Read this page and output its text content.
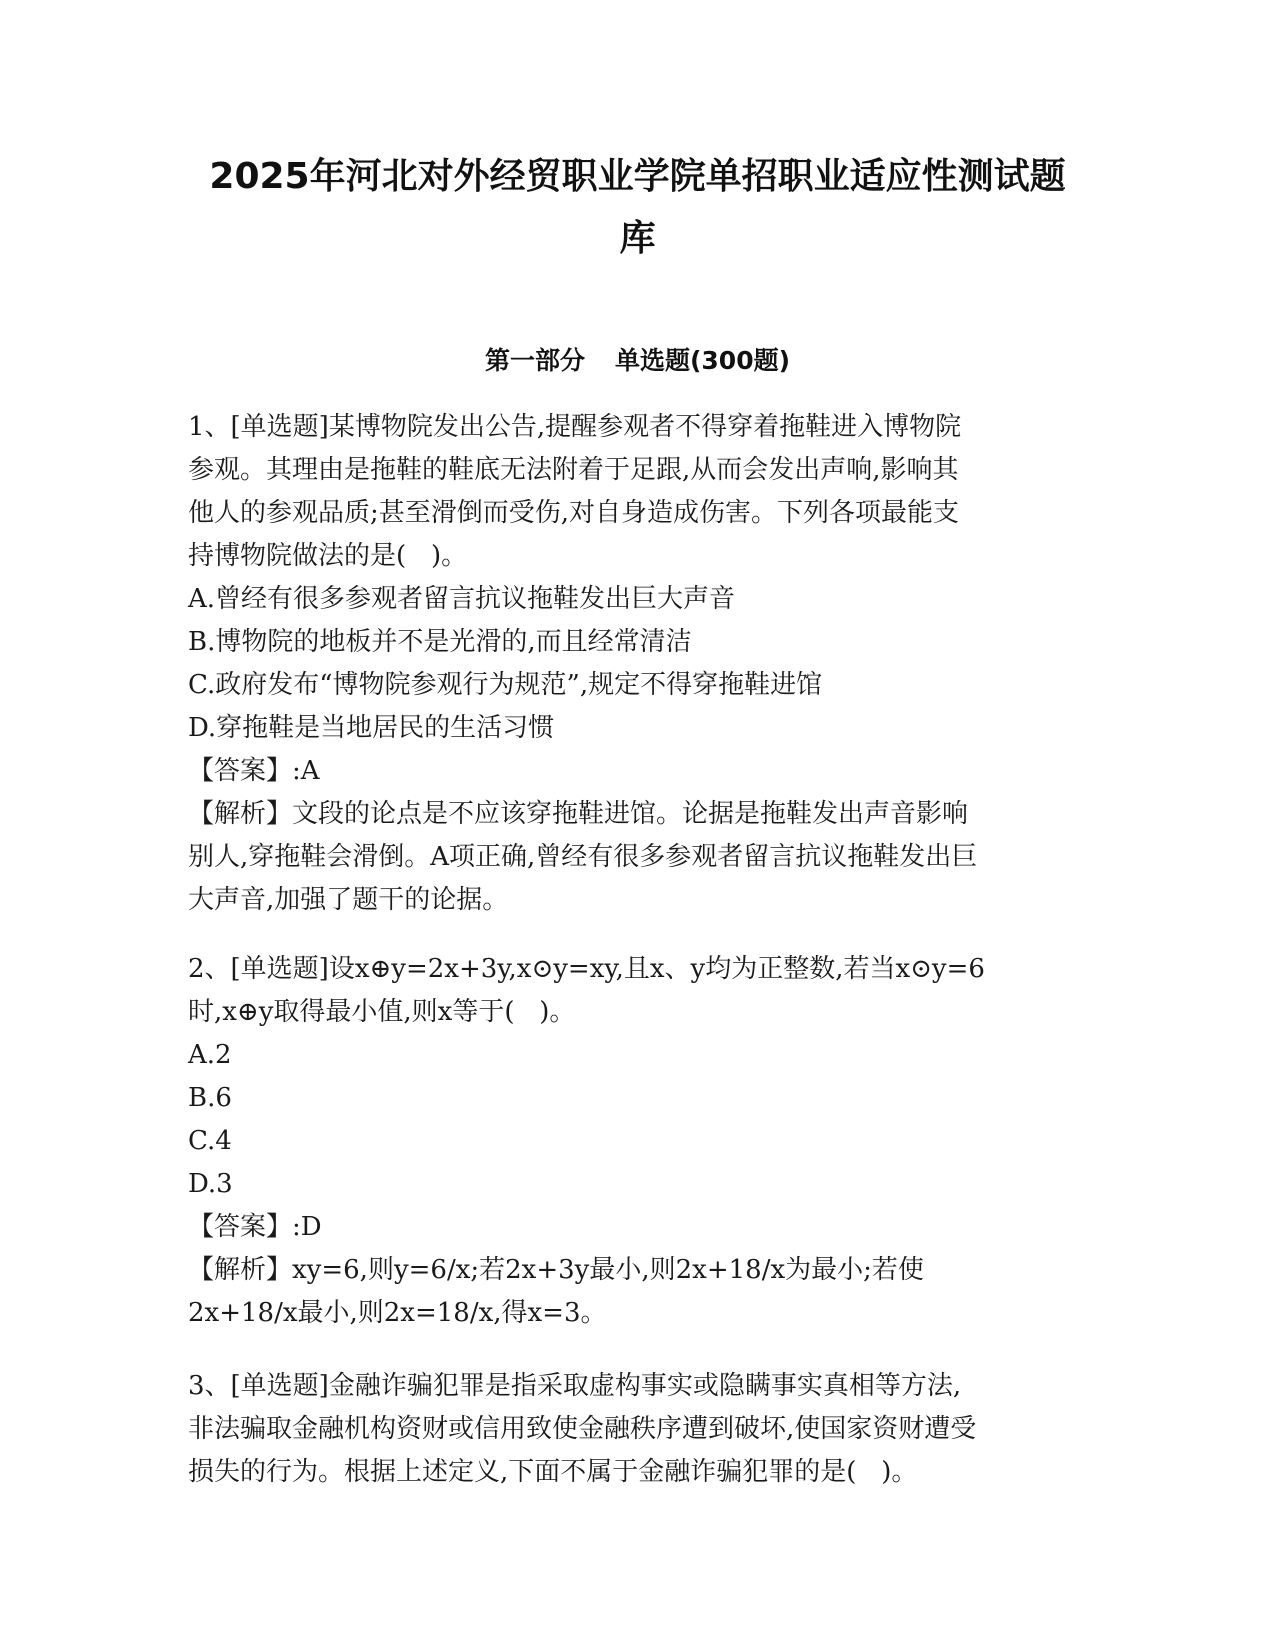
2025年河北对外经贸职业学院单招职业适应性测试题
库
第一部分 单选题(300题)

1、[单选题]某博物院发出公告,提醒参观者不得穿着拖鞋进入博物院

参观。其理由是拖鞋的鞋底无法附着于足跟,从而会发出声响,影响其

他人的参观品质;甚至滑倒而受伤,对自身造成伤害。下列各项最能支

持博物院做法的是(   )。

A.曾经有很多参观者留言抗议拖鞋发出巨大声音

B.博物院的地板并不是光滑的,而且经常清洁

C.政府发布“博物院参观行为规范”,规定不得穿拖鞋进馆

D.穿拖鞋是当地居民的生活习惯

【答案】:A

【解析】文段的论点是不应该穿拖鞋进馆。论据是拖鞋发出声音影响

别人,穿拖鞋会滑倒。A项正确,曾经有很多参观者留言抗议拖鞋发出巨

大声音,加强了题干的论据。

2、[单选题]设x⊕y=2x+3y,x⊙y=xy,且x、y均为正整数,若当x⊙y=6

时,x⊕y取得最小值,则x等于(   )。

A.2

B.6

C.4

D.3

【答案】:D

【解析】xy=6,则y=6/x;若2x+3y最小,则2x+18/x为最小;若使

2x+18/x最小,则2x=18/x,得x=3。

3、[单选题]金融诈骗犯罪是指采取虚构事实或隐瞒事实真相等方法,

非法骗取金融机构资财或信用致使金融秩序遭到破坏,使国家资财遭受

损失的行为。根据上述定义,下面不属于金融诈骗犯罪的是(   )。
